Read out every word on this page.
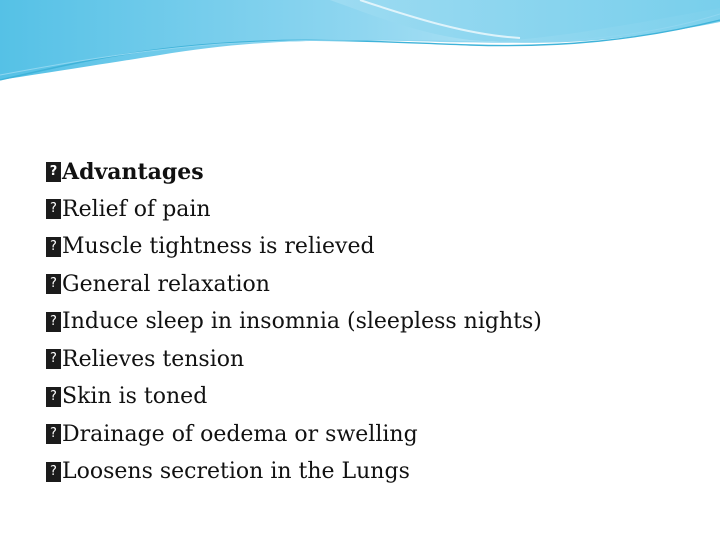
? Advantages
? Relief of pain
? Muscle tightness is relieved
? General relaxation
? Induce sleep in insomnia (sleepless nights)
? Relieves tension
? Skin is toned
? Drainage of oedema or swelling
? Loosens secretion in the Lungs
